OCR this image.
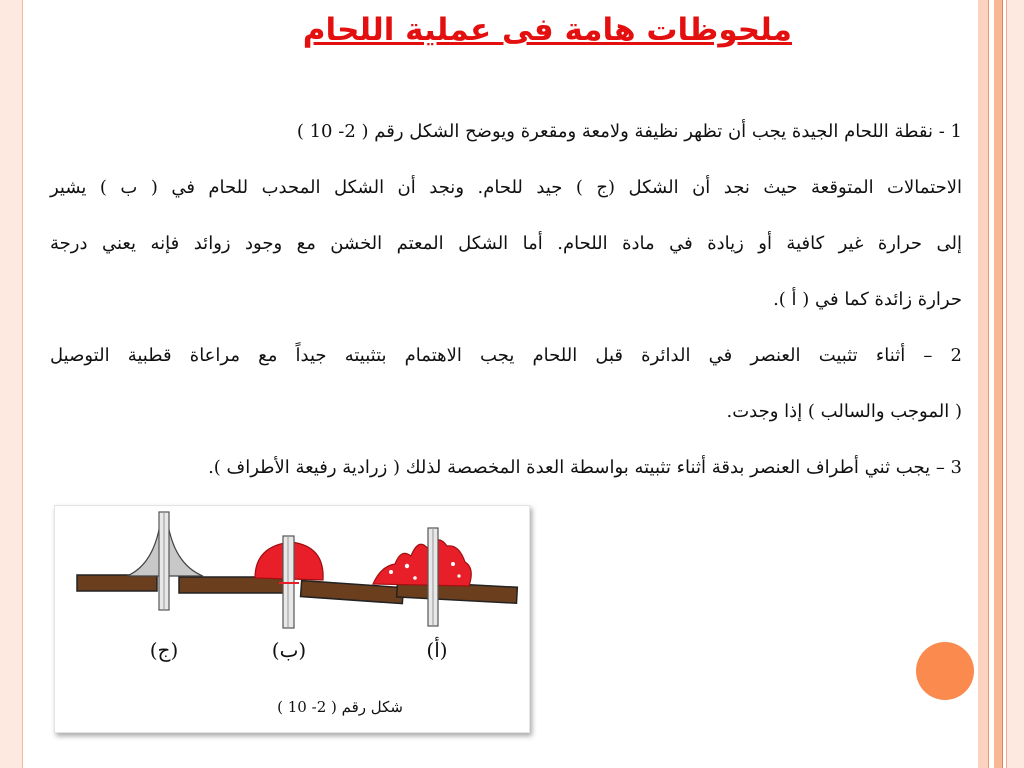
ملحوظات هامة فى عملية اللحام
1 - نقطة اللحام الجيدة يجب أن تظهر نظيفة ولامعة ومقعرة ويوضح الشكل رقم ( 2- 10 )
الاحتمالات المتوقعة حيث نجد أن الشكل (ج ) جيد للحام. ونجد أن الشكل المحدب للحام في ( ب ) يشير
إلى حرارة غير كافية أو زيادة في مادة اللحام. أما الشكل المعتم الخشن مع وجود زوائد فإنه يعني درجة
حرارة زائدة كما في ( أ ).
2 – أثناء تثبيت العنصر في الدائرة قبل اللحام يجب الاهتمام بتثبيته جيداً مع مراعاة قطبية التوصيل
( الموجب والسالب ) إذا وجدت.
3 – يجب ثني أطراف العنصر بدقة أثناء تثبيته بواسطة العدة المخصصة لذلك ( زرادية رفيعة الأطراف ).
(ج)	(ب)	(أ)
شكل رقم ( 2- 10 )
